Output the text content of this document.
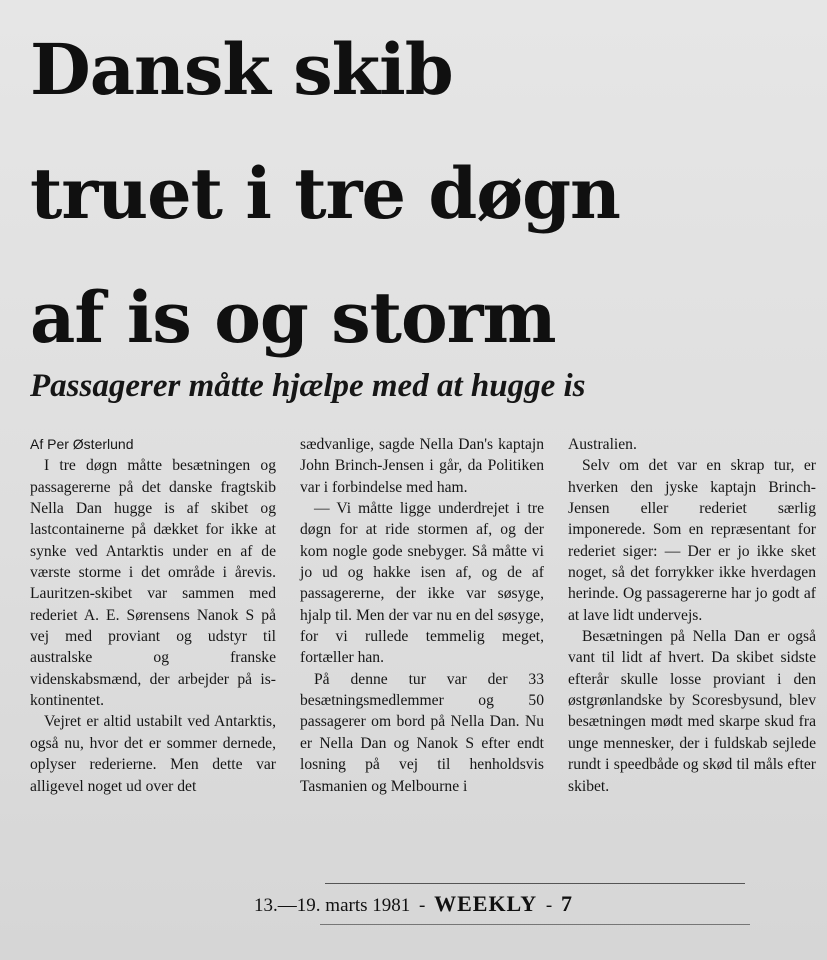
Dansk skib
truet i tre døgn
af is og storm
Passagerer måtte hjælpe med at hugge is

Af Per Østerlund

I tre døgn måtte besætningen og passagererne på det danske fragtskib Nella Dan hugge is af skibet og lastcontainerne på dækket for ikke at synke ved Antarktis under en af de værste storme i det område i årevis. Lauritzen-skibet var sammen med rederiet A. E. Sørensens Nanok S på vej med proviant og udstyr til australske og franske videnskabsmænd, der arbejder på is-kontinentet.

Vejret er altid ustabilt ved Antarktis, også nu, hvor det er sommer dernede, oplyser rederierne. Men dette var alligevel noget ud over det

sædvanlige, sagde Nella Dan's kaptajn John Brinch-Jensen i går, da Politiken var i forbindelse med ham.

— Vi måtte ligge underdrejet i tre døgn for at ride stormen af, og der kom nogle gode snebyger. Så måtte vi jo ud og hakke isen af, og de af passagererne, der ikke var søsyge, hjalp til. Men der var nu en del søsyge, for vi rullede temmelig meget, fortæller han.

På denne tur var der 33 besætningsmedlemmer og 50 passagerer om bord på Nella Dan. Nu er Nella Dan og Nanok S efter endt losning på vej til henholdsvis Tasmanien og Melbourne i

Australien.

Selv om det var en skrap tur, er hverken den jyske kaptajn Brinch-Jensen eller rederiet særlig imponerede. Som en repræsentant for rederiet siger: — Der er jo ikke sket noget, så det forrykker ikke hverdagen herinde. Og passagererne har jo godt af at lave lidt undervejs.

Besætningen på Nella Dan er også vant til lidt af hvert. Da skibet sidste efterår skulle losse proviant i den østgrønlandske by Scoresbysund, blev besætningen mødt med skarpe skud fra unge mennesker, der i fuldskab sejlede rundt i speedbåde og skød til måls efter skibet.

13.—19. marts 1981 - WEEKLY - 7
